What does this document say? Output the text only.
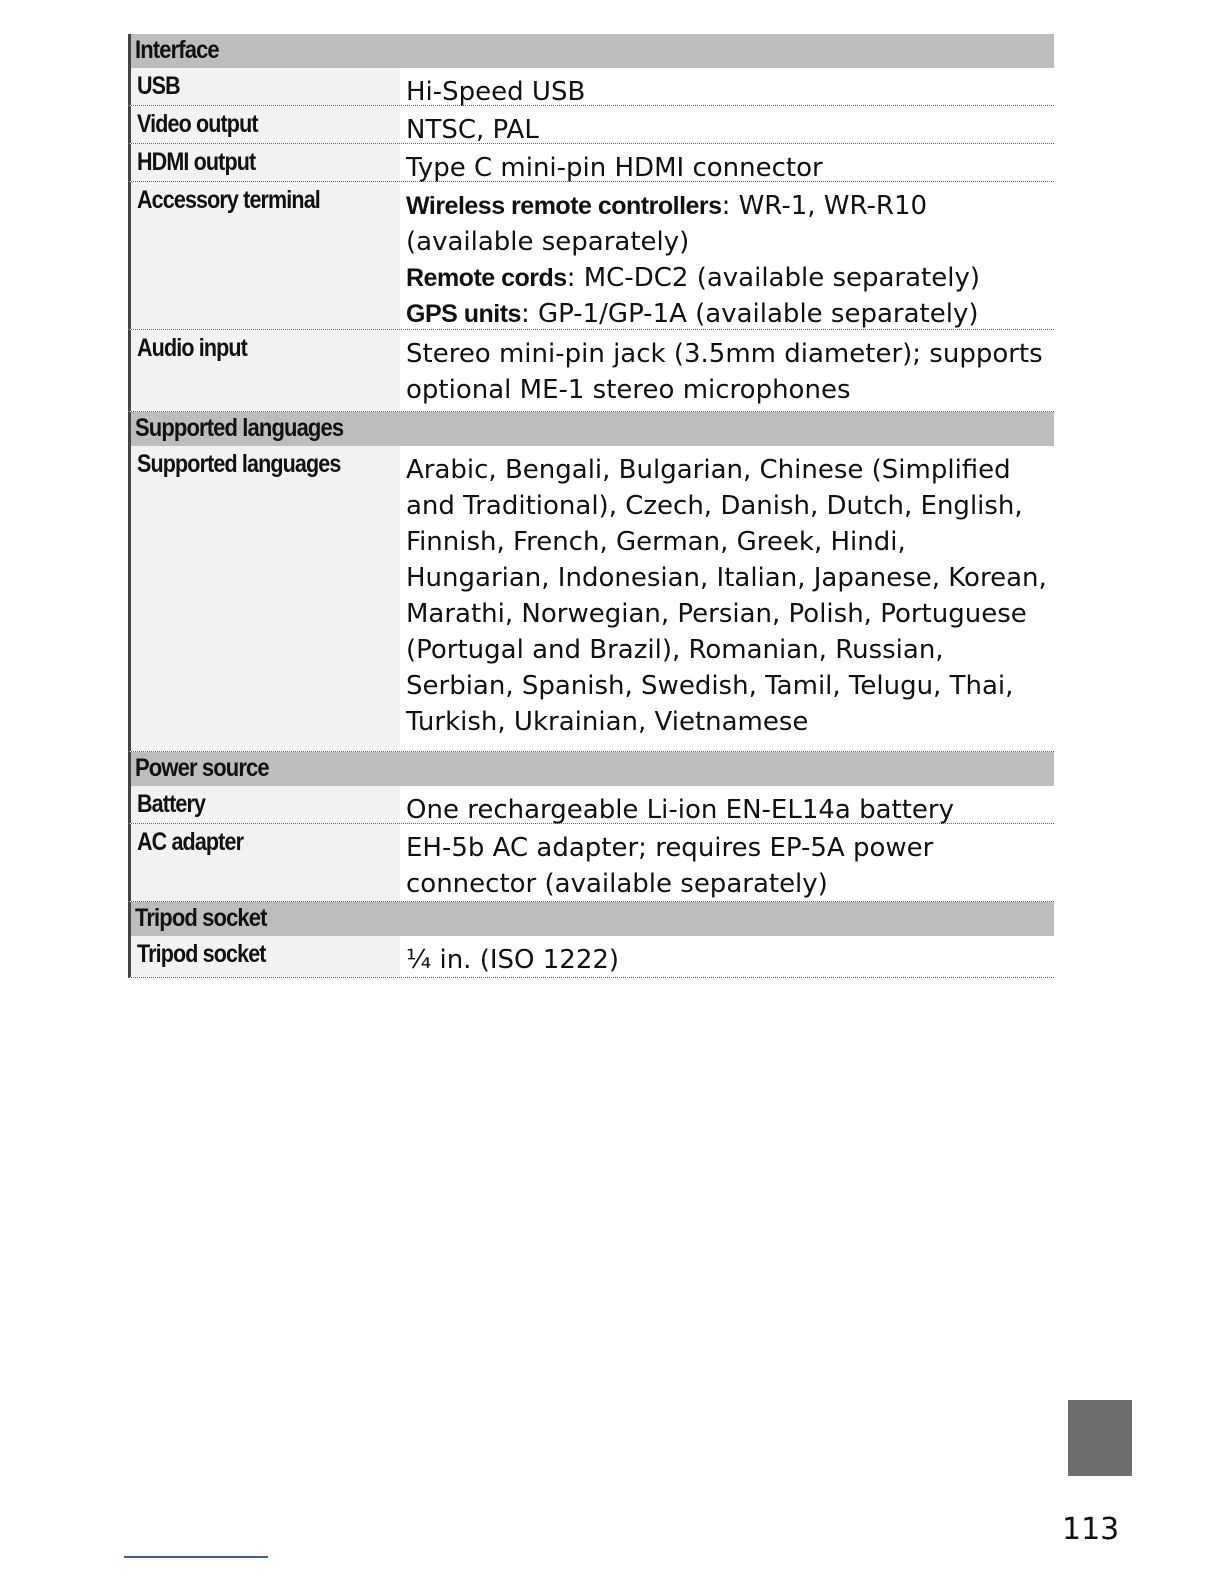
Interface
USB	Hi-Speed USB
Video output	NTSC, PAL
HDMI output	Type C mini-pin HDMI connector
Accessory terminal	Wireless remote controllers: WR-1, WR-R10 (available separately)
Remote cords: MC-DC2 (available separately)
GPS units: GP-1/GP-1A (available separately)
Audio input	Stereo mini-pin jack (3.5mm diameter); supports optional ME-1 stereo microphones
Supported languages
Supported languages	Arabic, Bengali, Bulgarian, Chinese (Simplified and Traditional), Czech, Danish, Dutch, English, Finnish, French, German, Greek, Hindi, Hungarian, Indonesian, Italian, Japanese, Korean, Marathi, Norwegian, Persian, Polish, Portuguese (Portugal and Brazil), Romanian, Russian, Serbian, Spanish, Swedish, Tamil, Telugu, Thai, Turkish, Ukrainian, Vietnamese
Power source
Battery	One rechargeable Li-ion EN-EL14a battery
AC adapter	EH-5b AC adapter; requires EP-5A power connector (available separately)
Tripod socket
Tripod socket	¼ in. (ISO 1222)
113
